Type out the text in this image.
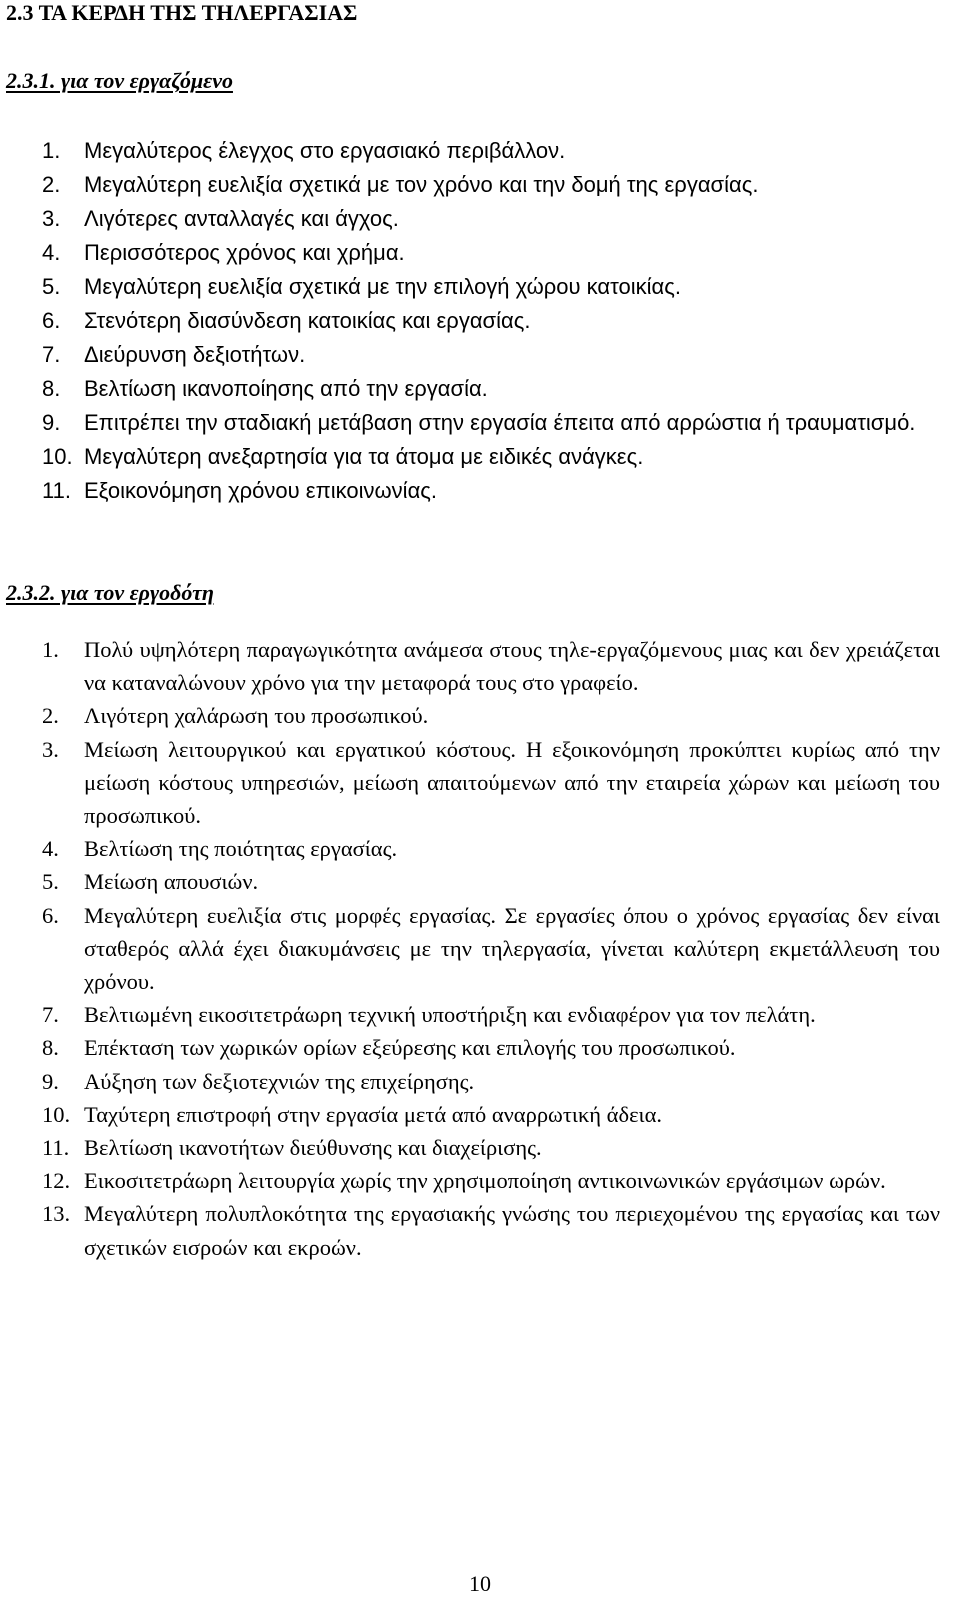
2.3 ΤΑ ΚΕΡΔΗ ΤΗΣ ΤΗΛΕΡΓΑΣΙΑΣ
2.3.1. για τον εργαζόμενο
1.	Μεγαλύτερος έλεγχος στο εργασιακό περιβάλλον.
2.	Μεγαλύτερη ευελιξία σχετικά με τον χρόνο και την δομή της εργασίας.
3.	Λιγότερες ανταλλαγές και άγχος.
4.	Περισσότερος χρόνος και χρήμα.
5.	Μεγαλύτερη ευελιξία σχετικά με την επιλογή χώρου κατοικίας.
6.	Στενότερη διασύνδεση κατοικίας και εργασίας.
7.	Διεύρυνση δεξιοτήτων.
8.	Βελτίωση ικανοποίησης από την εργασία.
9.	Επιτρέπει την σταδιακή μετάβαση στην εργασία έπειτα από αρρώστια ή τραυματισμό.
10. Μεγαλύτερη ανεξαρτησία για τα άτομα με ειδικές ανάγκες.
11. Εξοικονόμηση χρόνου επικοινωνίας.
2.3.2. για τον εργοδότη
1.	Πολύ υψηλότερη παραγωγικότητα ανάμεσα στους τηλε-εργαζόμενους μιας και δεν χρειάζεται να καταναλώνουν χρόνο για την μεταφορά τους στο γραφείο.
2.	Λιγότερη χαλάρωση του προσωπικού.
3.	Μείωση λειτουργικού και εργατικού κόστους. Η εξοικονόμηση προκύπτει κυρίως από την μείωση κόστους υπηρεσιών, μείωση απαιτούμενων από την εταιρεία χώρων και μείωση του προσωπικού.
4.	Βελτίωση της ποιότητας εργασίας.
5.	Μείωση απουσιών.
6.	Μεγαλύτερη ευελιξία στις μορφές εργασίας. Σε εργασίες όπου ο χρόνος εργασίας δεν είναι σταθερός αλλά έχει διακυμάνσεις με την τηλεργασία, γίνεται καλύτερη εκμετάλλευση του χρόνου.
7.	Βελτιωμένη εικοσιτετράωρη τεχνική υποστήριξη και ενδιαφέρον για τον πελάτη.
8.	Επέκταση των χωρικών ορίων εξεύρεσης και επιλογής του προσωπικού.
9.	Αύξηση των δεξιοτεχνιών της επιχείρησης.
10. Ταχύτερη επιστροφή στην εργασία μετά από αναρρωτική άδεια.
11. Βελτίωση ικανοτήτων διεύθυνσης και διαχείρισης.
12. Εικοσιτετράωρη λειτουργία χωρίς την χρησιμοποίηση αντικοινωνικών εργάσιμων ωρών.
13. Μεγαλύτερη πολυπλοκότητα της εργασιακής γνώσης του περιεχομένου της εργασίας και των σχετικών εισροών και εκροών.
10
